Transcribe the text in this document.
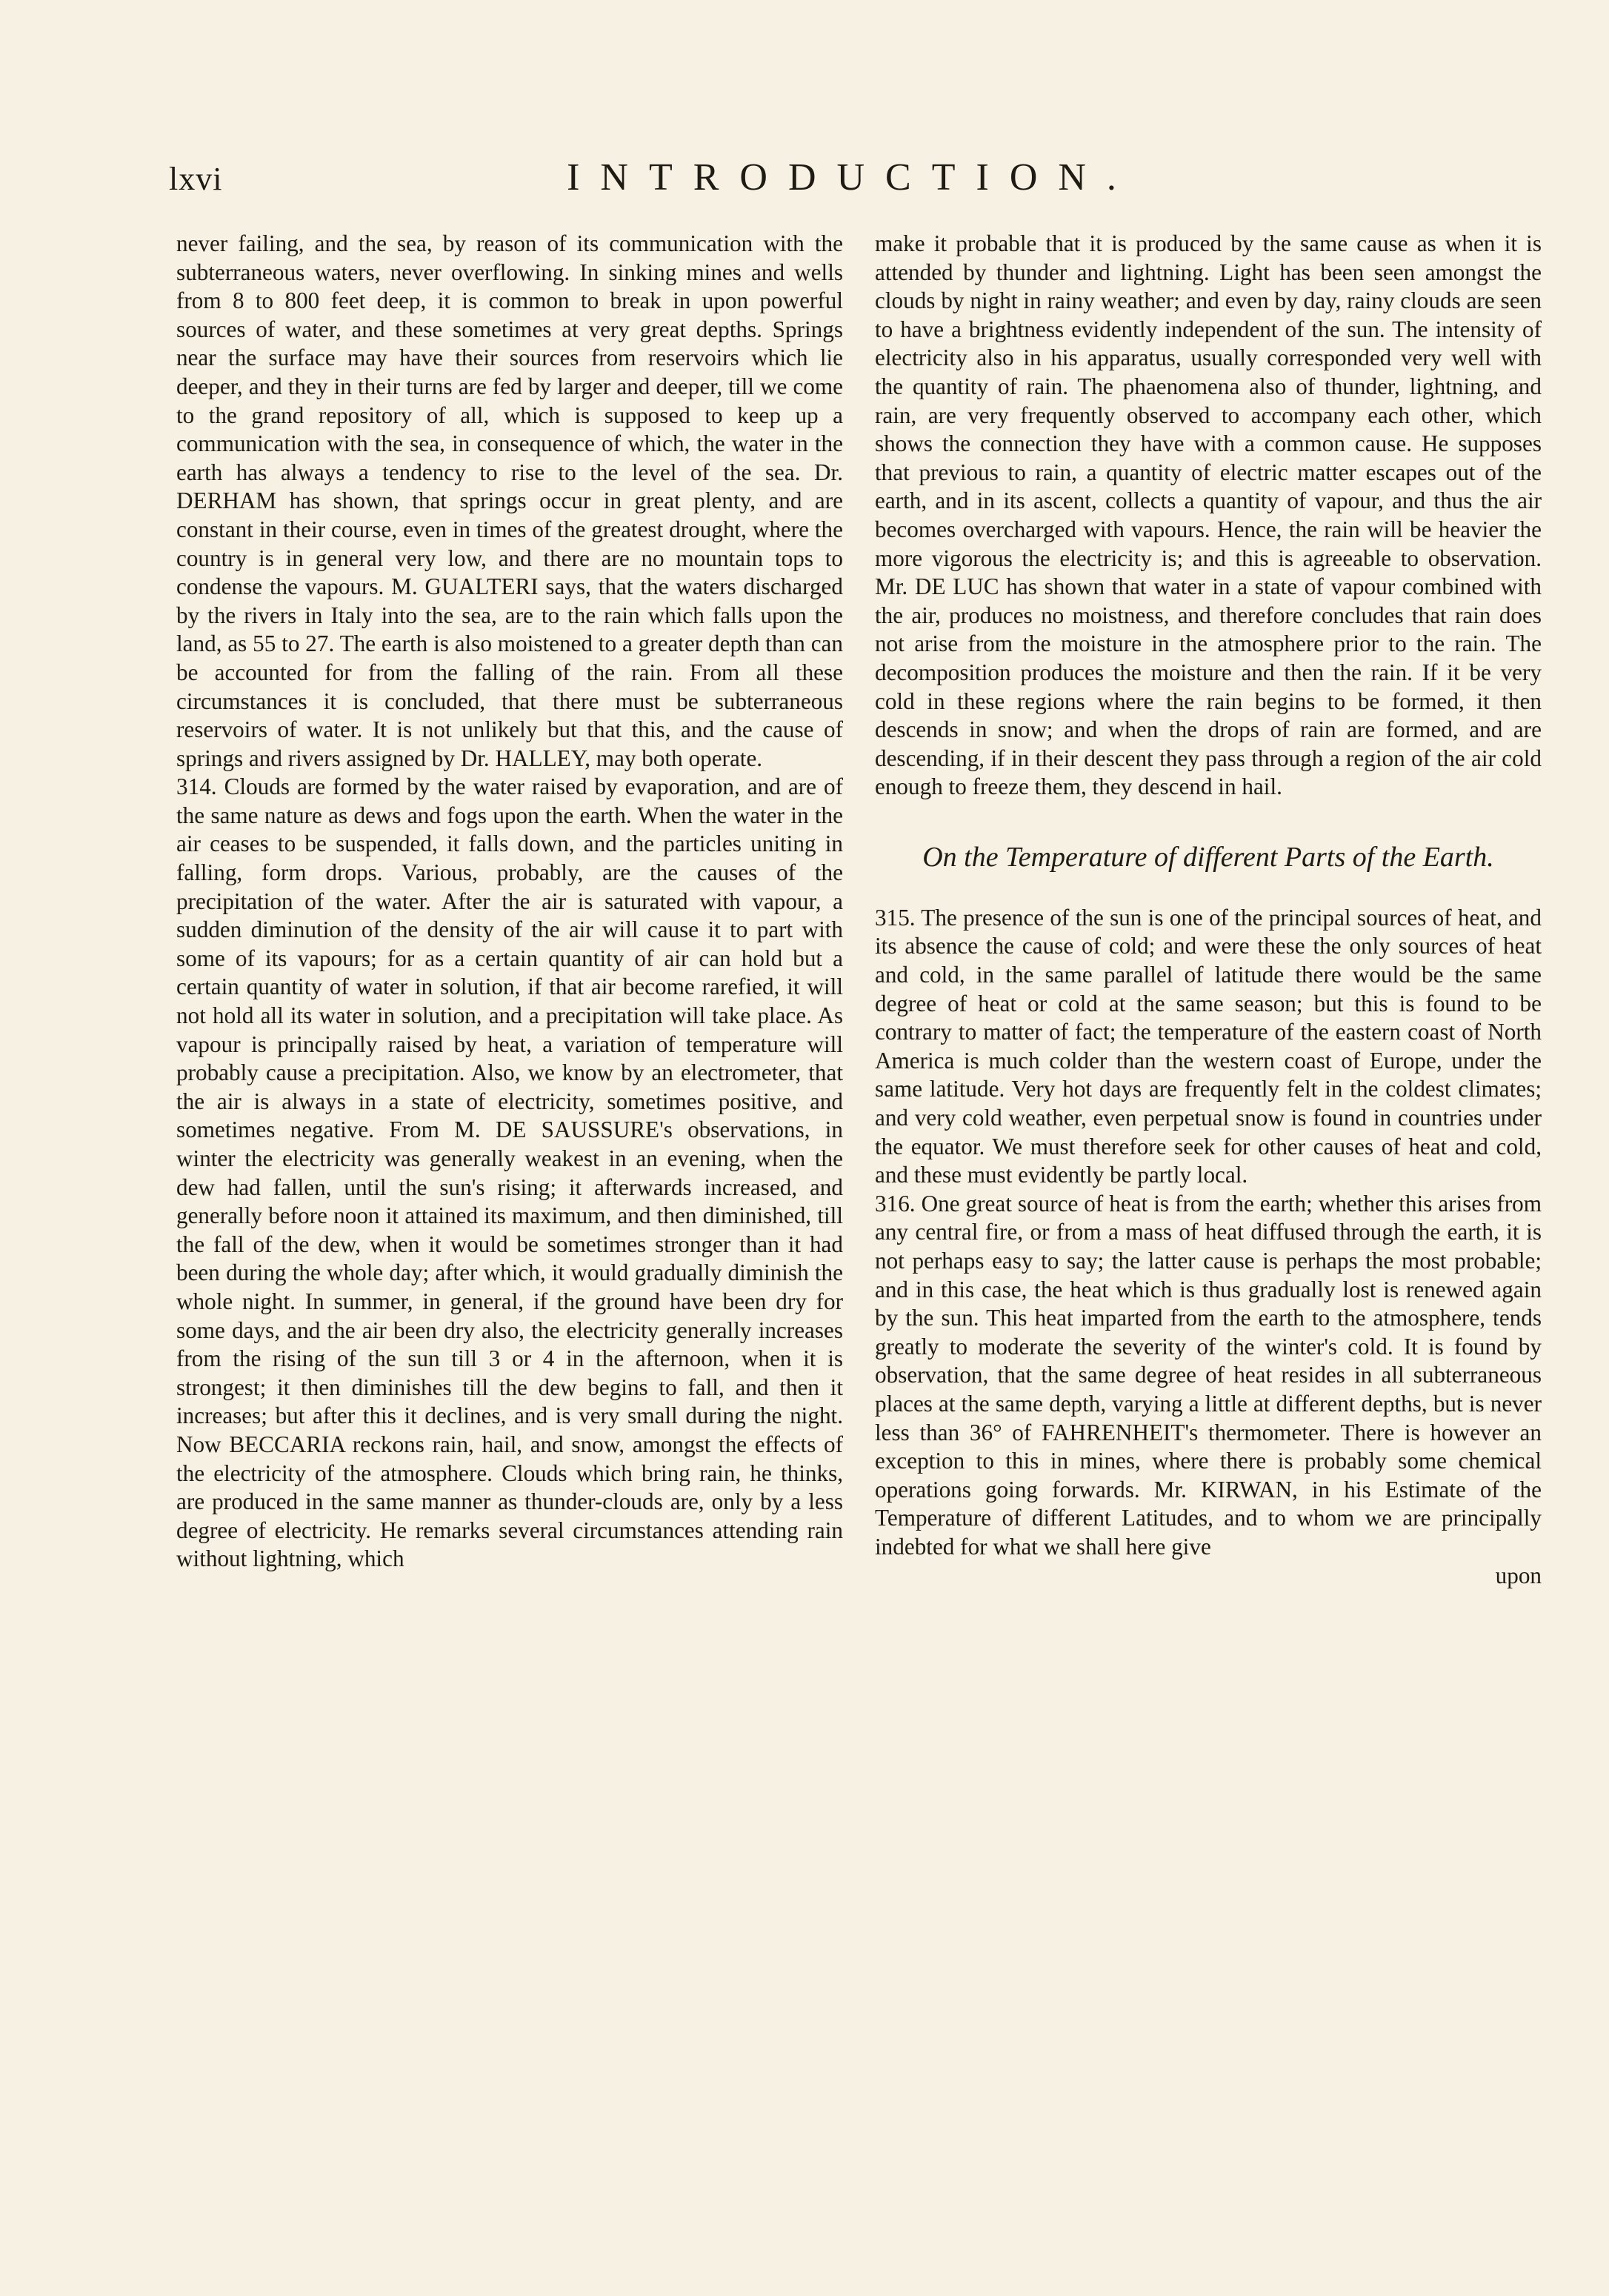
lxvi	INTRODUCTION.

never failing, and the sea, by reason of its communication with the subterraneous waters, never overflowing. In sinking mines and wells from 8 to 800 feet deep, it is common to break in upon powerful sources of water, and these sometimes at very great depths. Springs near the surface may have their sources from reservoirs which lie deeper, and they in their turns are fed by larger and deeper, till we come to the grand repository of all, which is supposed to keep up a communication with the sea, in consequence of which, the water in the earth has always a tendency to rise to the level of the sea. Dr. DERHAM has shown, that springs occur in great plenty, and are constant in their course, even in times of the greatest drought, where the country is in general very low, and there are no mountain tops to condense the vapours. M. GUALTERI says, that the waters discharged by the rivers in Italy into the sea, are to the rain which falls upon the land, as 55 to 27. The earth is also moistened to a greater depth than can be accounted for from the falling of the rain. From all these circumstances it is concluded, that there must be subterraneous reservoirs of water. It is not unlikely but that this, and the cause of springs and rivers assigned by Dr. HALLEY, may both operate.

314. Clouds are formed by the water raised by evaporation, and are of the same nature as dews and fogs upon the earth. When the water in the air ceases to be suspended, it falls down, and the particles uniting in falling, form drops. Various, probably, are the causes of the precipitation of the water. After the air is saturated with vapour, a sudden diminution of the density of the air will cause it to part with some of its vapours; for as a certain quantity of air can hold but a certain quantity of water in solution, if that air become rarefied, it will not hold all its water in solution, and a precipitation will take place. As vapour is principally raised by heat, a variation of temperature will probably cause a precipitation. Also, we know by an electrometer, that the air is always in a state of electricity, sometimes positive, and sometimes negative. From M. DE SAUSSURE's observations, in winter the electricity was generally weakest in an evening, when the dew had fallen, until the sun's rising; it afterwards increased, and generally before noon it attained its maximum, and then diminished, till the fall of the dew, when it would be sometimes stronger than it had been during the whole day; after which, it would gradually diminish the whole night. In summer, in general, if the ground have been dry for some days, and the air been dry also, the electricity generally increases from the rising of the sun till 3 or 4 in the afternoon, when it is strongest; it then diminishes till the dew begins to fall, and then it increases; but after this it declines, and is very small during the night. Now BECCARIA reckons rain, hail, and snow, amongst the effects of the electricity of the atmosphere. Clouds which bring rain, he thinks, are produced in the same manner as thunder-clouds are, only by a less degree of electricity. He remarks several circumstances attending rain without lightning, which

make it probable that it is produced by the same cause as when it is attended by thunder and lightning. Light has been seen amongst the clouds by night in rainy weather; and even by day, rainy clouds are seen to have a brightness evidently independent of the sun. The intensity of electricity also in his apparatus, usually corresponded very well with the quantity of rain. The phaenomena also of thunder, lightning, and rain, are very frequently observed to accompany each other, which shows the connection they have with a common cause. He supposes that previous to rain, a quantity of electric matter escapes out of the earth, and in its ascent, collects a quantity of vapour, and thus the air becomes overcharged with vapours. Hence, the rain will be heavier the more vigorous the electricity is; and this is agreeable to observation. Mr. DE LUC has shown that water in a state of vapour combined with the air, produces no moistness, and therefore concludes that rain does not arise from the moisture in the atmosphere prior to the rain. The decomposition produces the moisture and then the rain. If it be very cold in these regions where the rain begins to be formed, it then descends in snow; and when the drops of rain are formed, and are descending, if in their descent they pass through a region of the air cold enough to freeze them, they descend in hail.

On the Temperature of different Parts of the Earth.

315. The presence of the sun is one of the principal sources of heat, and its absence the cause of cold; and were these the only sources of heat and cold, in the same parallel of latitude there would be the same degree of heat or cold at the same season; but this is found to be contrary to matter of fact; the temperature of the eastern coast of North America is much colder than the western coast of Europe, under the same latitude. Very hot days are frequently felt in the coldest climates; and very cold weather, even perpetual snow is found in countries under the equator. We must therefore seek for other causes of heat and cold, and these must evidently be partly local.

316. One great source of heat is from the earth; whether this arises from any central fire, or from a mass of heat diffused through the earth, it is not perhaps easy to say; the latter cause is perhaps the most probable; and in this case, the heat which is thus gradually lost is renewed again by the sun. This heat imparted from the earth to the atmosphere, tends greatly to moderate the severity of the winter's cold. It is found by observation, that the same degree of heat resides in all subterraneous places at the same depth, varying a little at different depths, but is never less than 36° of FAHRENHEIT's thermometer. There is however an exception to this in mines, where there is probably some chemical operations going forwards. Mr. KIRWAN, in his Estimate of the Temperature of different Latitudes, and to whom we are principally indebted for what we shall here give

upon
